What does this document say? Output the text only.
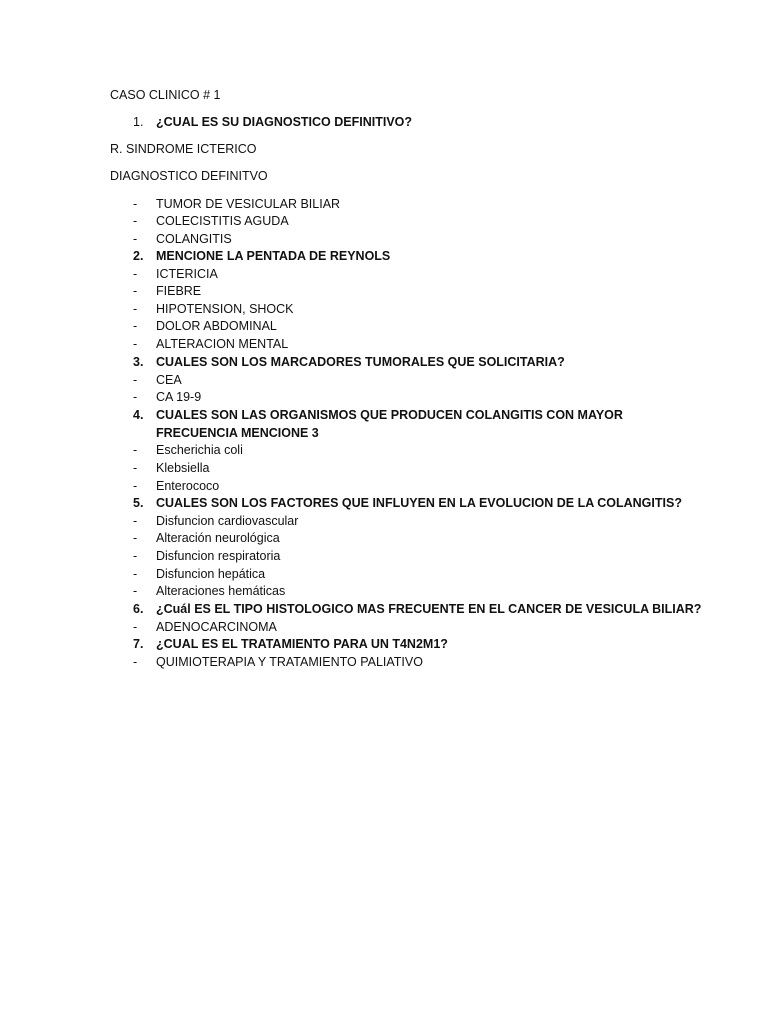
CASO CLINICO # 1
1.	¿CUAL ES SU DIAGNOSTICO DEFINITIVO?
R. SINDROME ICTERICO
DIAGNOSTICO DEFINITVO
- TUMOR DE VESICULAR BILIAR
- COLECISTITIS AGUDA
- COLANGITIS
2.	MENCIONE LA PENTADA DE REYNOLS
- ICTERICIA
- FIEBRE
- HIPOTENSION, SHOCK
- DOLOR ABDOMINAL
- ALTERACION MENTAL
3.	CUALES SON LOS MARCADORES TUMORALES QUE SOLICITARIA?
- CEA
- CA 19-9
4.	CUALES SON LAS ORGANISMOS QUE PRODUCEN COLANGITIS CON MAYOR
FRECUENCIA MENCIONE 3
- Escherichia coli
- Klebsiella
- Enterococo
5.	CUALES SON LOS FACTORES QUE INFLUYEN EN LA EVOLUCION DE LA COLANGITIS?
- Disfuncion cardiovascular
- Alteración neurológica
- Disfuncion respiratoria
- Disfuncion hepática
- Alteraciones hemáticas
6.	¿Cuál ES EL TIPO HISTOLOGICO MAS FRECUENTE EN EL CANCER DE VESICULA BILIAR?
- ADENOCARCINOMA
7.	¿CUAL ES EL TRATAMIENTO PARA UN T4N2M1?
- QUIMIOTERAPIA Y TRATAMIENTO PALIATIVO
